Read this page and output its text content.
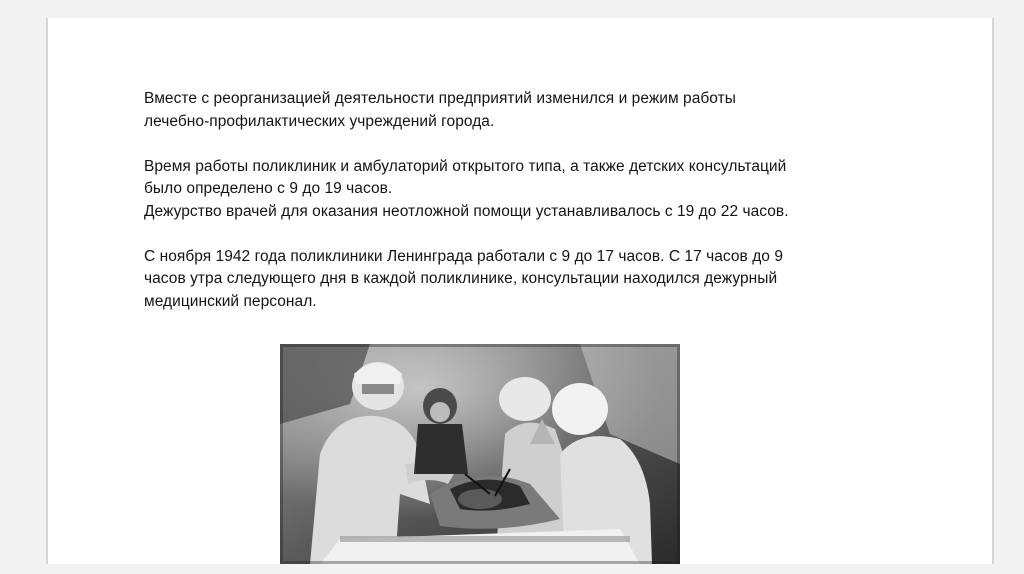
Вместе с реорганизацией деятельности предприятий изменился и режим работы

лечебно-профилактических учреждений города.

Время работы поликлиник и амбулаторий открытого типа, а также детских консультаций

было определено с 9 до 19 часов.

Дежурство врачей для оказания неотложной помощи устанавливалось с 19 до 22 часов.

С ноября 1942 года поликлиники Ленинграда работали с 9 до 17 часов. С 17 часов до 9

часов утра следующего дня в каждой поликлинике, консультации находился дежурный

медицинский персонал.
